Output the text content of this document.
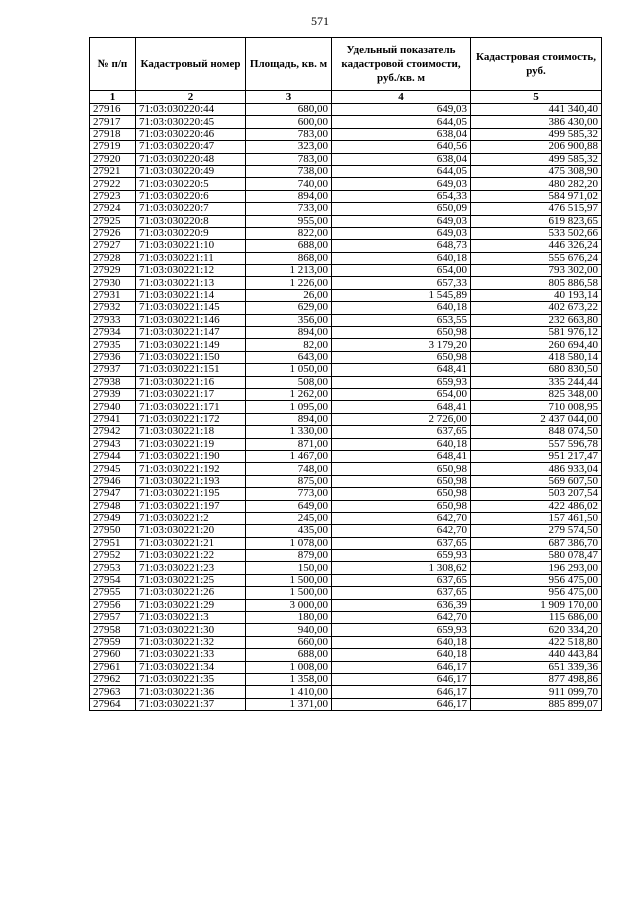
571
№ п/п	Кадастровый номер	Площадь, кв. м	Удельный показатель кадастровой стоимости, руб./кв. м	Кадастровая стоимость, руб.
1	2	3	4	5
27916	71:03:030220:44	680,00	649,03	441 340,40
27917	71:03:030220:45	600,00	644,05	386 430,00
27918	71:03:030220:46	783,00	638,04	499 585,32
27919	71:03:030220:47	323,00	640,56	206 900,88
27920	71:03:030220:48	783,00	638,04	499 585,32
27921	71:03:030220:49	738,00	644,05	475 308,90
27922	71:03:030220:5	740,00	649,03	480 282,20
27923	71:03:030220:6	894,00	654,33	584 971,02
27924	71:03:030220:7	733,00	650,09	476 515,97
27925	71:03:030220:8	955,00	649,03	619 823,65
27926	71:03:030220:9	822,00	649,03	533 502,66
27927	71:03:030221:10	688,00	648,73	446 326,24
27928	71:03:030221:11	868,00	640,18	555 676,24
27929	71:03:030221:12	1 213,00	654,00	793 302,00
27930	71:03:030221:13	1 226,00	657,33	805 886,58
27931	71:03:030221:14	26,00	1 545,89	40 193,14
27932	71:03:030221:145	629,00	640,18	402 673,22
27933	71:03:030221:146	356,00	653,55	232 663,80
27934	71:03:030221:147	894,00	650,98	581 976,12
27935	71:03:030221:149	82,00	3 179,20	260 694,40
27936	71:03:030221:150	643,00	650,98	418 580,14
27937	71:03:030221:151	1 050,00	648,41	680 830,50
27938	71:03:030221:16	508,00	659,93	335 244,44
27939	71:03:030221:17	1 262,00	654,00	825 348,00
27940	71:03:030221:171	1 095,00	648,41	710 008,95
27941	71:03:030221:172	894,00	2 726,00	2 437 044,00
27942	71:03:030221:18	1 330,00	637,65	848 074,50
27943	71:03:030221:19	871,00	640,18	557 596,78
27944	71:03:030221:190	1 467,00	648,41	951 217,47
27945	71:03:030221:192	748,00	650,98	486 933,04
27946	71:03:030221:193	875,00	650,98	569 607,50
27947	71:03:030221:195	773,00	650,98	503 207,54
27948	71:03:030221:197	649,00	650,98	422 486,02
27949	71:03:030221:2	245,00	642,70	157 461,50
27950	71:03:030221:20	435,00	642,70	279 574,50
27951	71:03:030221:21	1 078,00	637,65	687 386,70
27952	71:03:030221:22	879,00	659,93	580 078,47
27953	71:03:030221:23	150,00	1 308,62	196 293,00
27954	71:03:030221:25	1 500,00	637,65	956 475,00
27955	71:03:030221:26	1 500,00	637,65	956 475,00
27956	71:03:030221:29	3 000,00	636,39	1 909 170,00
27957	71:03:030221:3	180,00	642,70	115 686,00
27958	71:03:030221:30	940,00	659,93	620 334,20
27959	71:03:030221:32	660,00	640,18	422 518,80
27960	71:03:030221:33	688,00	640,18	440 443,84
27961	71:03:030221:34	1 008,00	646,17	651 339,36
27962	71:03:030221:35	1 358,00	646,17	877 498,86
27963	71:03:030221:36	1 410,00	646,17	911 099,70
27964	71:03:030221:37	1 371,00	646,17	885 899,07
